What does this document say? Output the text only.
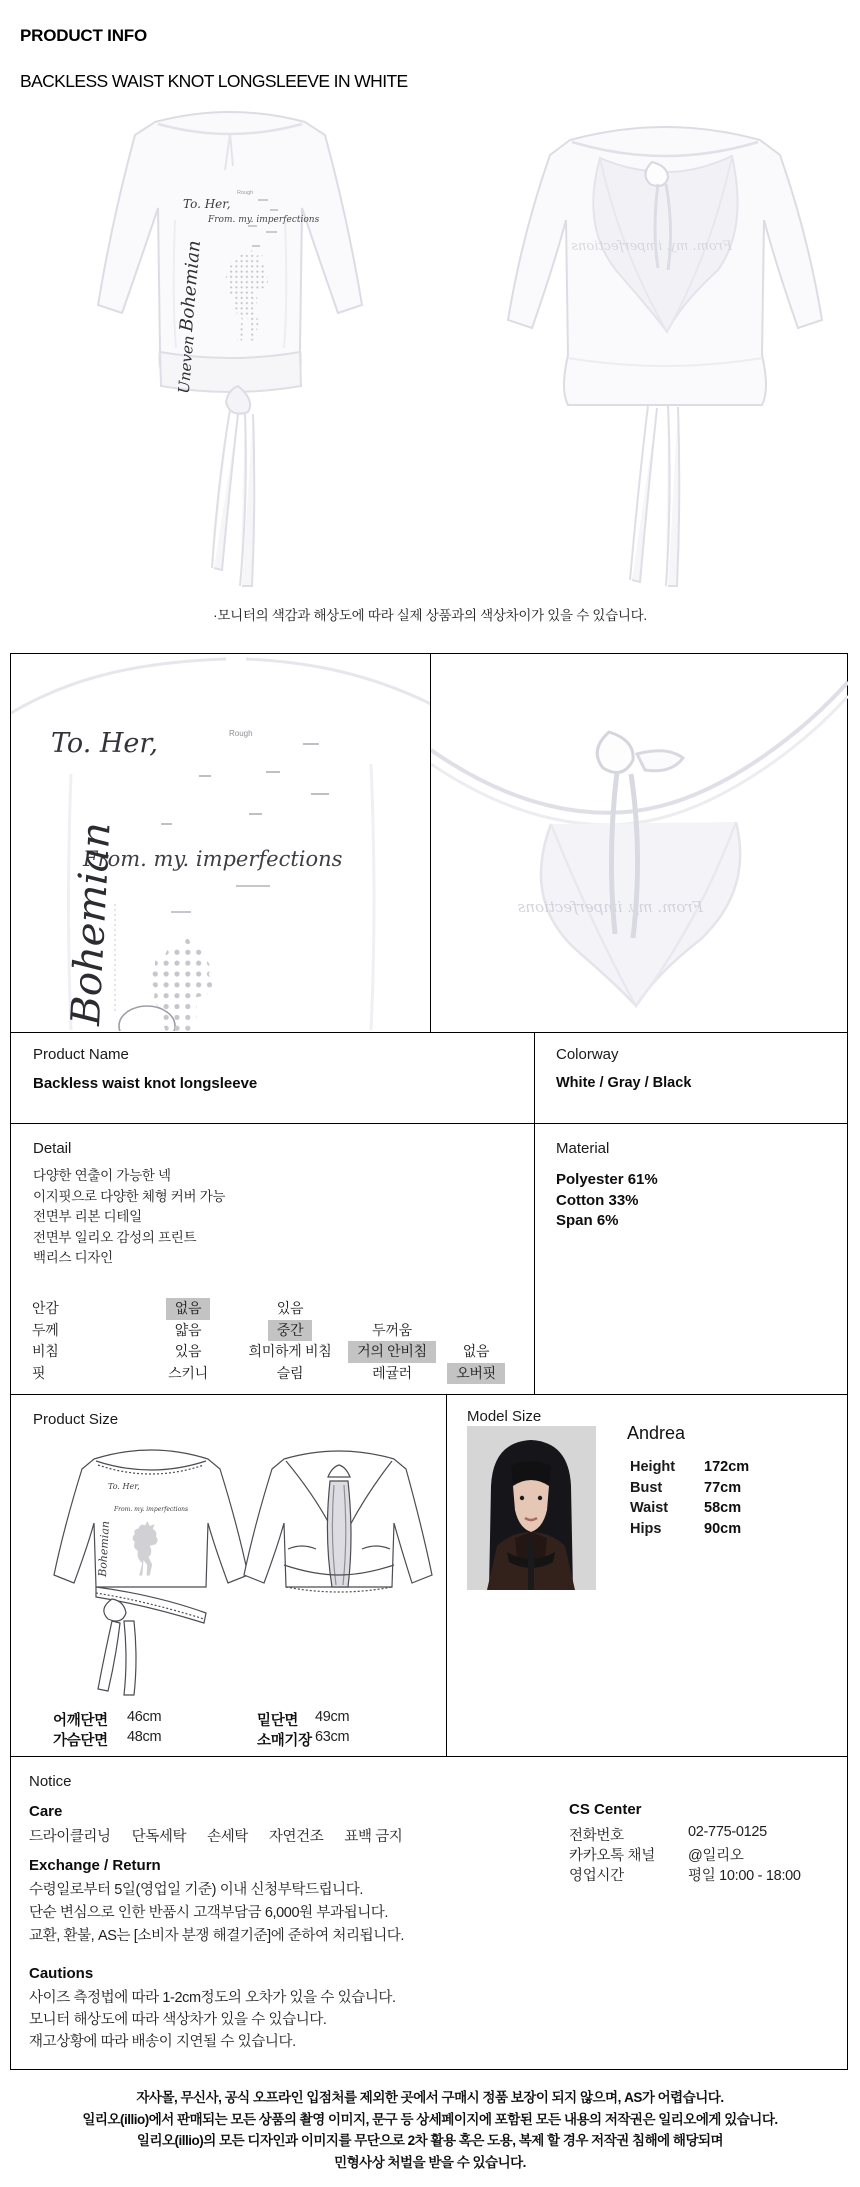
PRODUCT INFO
BACKLESS WAIST KNOT LONGSLEEVE IN WHITE
To. Her,
Rough
From. my. imperfections
Bohemian
Uneven
From. my. imperfections
·모니터의 색감과 해상도에 따라 실제 상품과의 색상차이가 있을 수 있습니다.
To. Her,	Rough
From. my. imperfections
Bohemian	From. my. imperfections
Product Name
Backless waist knot longsleeve
Colorway
White / Gray / Black
Detail
다양한 연출이 가능한 넥
이지핏으로 다양한 체형 커버 가능
전면부 리본 디테일
전면부 일리오 감성의 프린트
백리스 디자인
안감	없음	있음
두께	얇음	중간	두꺼움
비침	있음	희미하게 비침	거의 안비침	없음
핏	스키니	슬림	레귤러	오버핏
Material
Polyester 61%
Cotton 33%
Span 6%
Product Size
To. Her,
From. my. imperfections
Bohemian
어깨단면 46cm	밑단면 49cm
가슴단면 48cm	소매기장 63cm
Model Size
Andrea
Height 172cm
Bust	77cm
Waist 58cm
Hips	90cm
Notice
Care
드라이클리닝 단독세탁 손세탁 자연건조 표백 금지
Exchange / Return
수령일로부터 5일(영업일 기준) 이내 신청부탁드립니다.
단순 변심으로 인한 반품시 고객부담금 6,000원 부과됩니다.
교환, 환불, AS는 [소비자 분쟁 해결기준]에 준하여 처리됩니다.
Cautions
사이즈 측정법에 따라 1-2cm정도의 오차가 있을 수 있습니다.
모니터 해상도에 따라 색상차가 있을 수 있습니다.
재고상황에 따라 배송이 지연될 수 있습니다.
CS Center
전화번호	02-775-0125
카카오톡 채널 @일리오
영업시간	평일 10:00 - 18:00
자사몰, 무신사, 공식 오프라인 입점처를 제외한 곳에서 구매시 정품 보장이 되지 않으며, AS가 어렵습니다.
일리오(illio)에서 판매되는 모든 상품의 촬영 이미지, 문구 등 상세페이지에 포함된 모든 내용의 저작권은 일리오에게 있습니다.
일리오(illio)의 모든 디자인과 이미지를 무단으로 2차 활용 혹은 도용, 복제 할 경우 저작권 침해에 해당되며
민형사상 처벌을 받을 수 있습니다.
